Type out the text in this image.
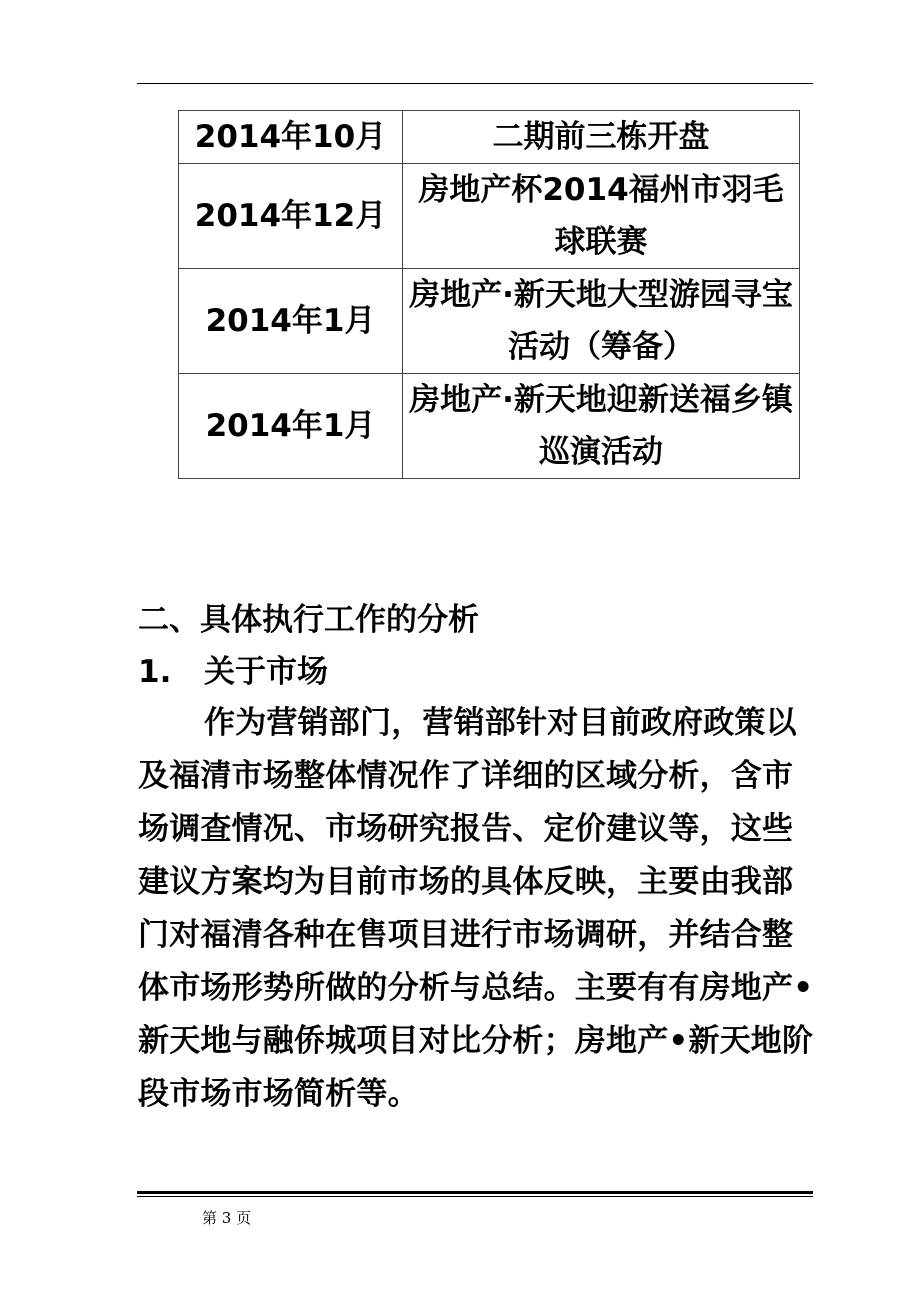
2014年10月	二期前三栋开盘
2014年12月	房地产杯2014福州市羽毛球联赛
2014年1月	房地产·新天地大型游园寻宝活动（筹备）
2014年1月	房地产·新天地迎新送福乡镇巡演活动
二、具体执行工作的分析
1. 关于市场

作为营销部门，营销部针对目前政府政策以及福清市场整体情况作了详细的区域分析，含市场调查情况、市场研究报告、定价建议等，这些建议方案均为目前市场的具体反映，主要由我部门对福清各种在售项目进行市场调研，并结合整体市场形势所做的分析与总结。主要有有房地产•新天地与融侨城项目对比分析；房地产•新天地阶段市场市场简析等。

第 3 页
